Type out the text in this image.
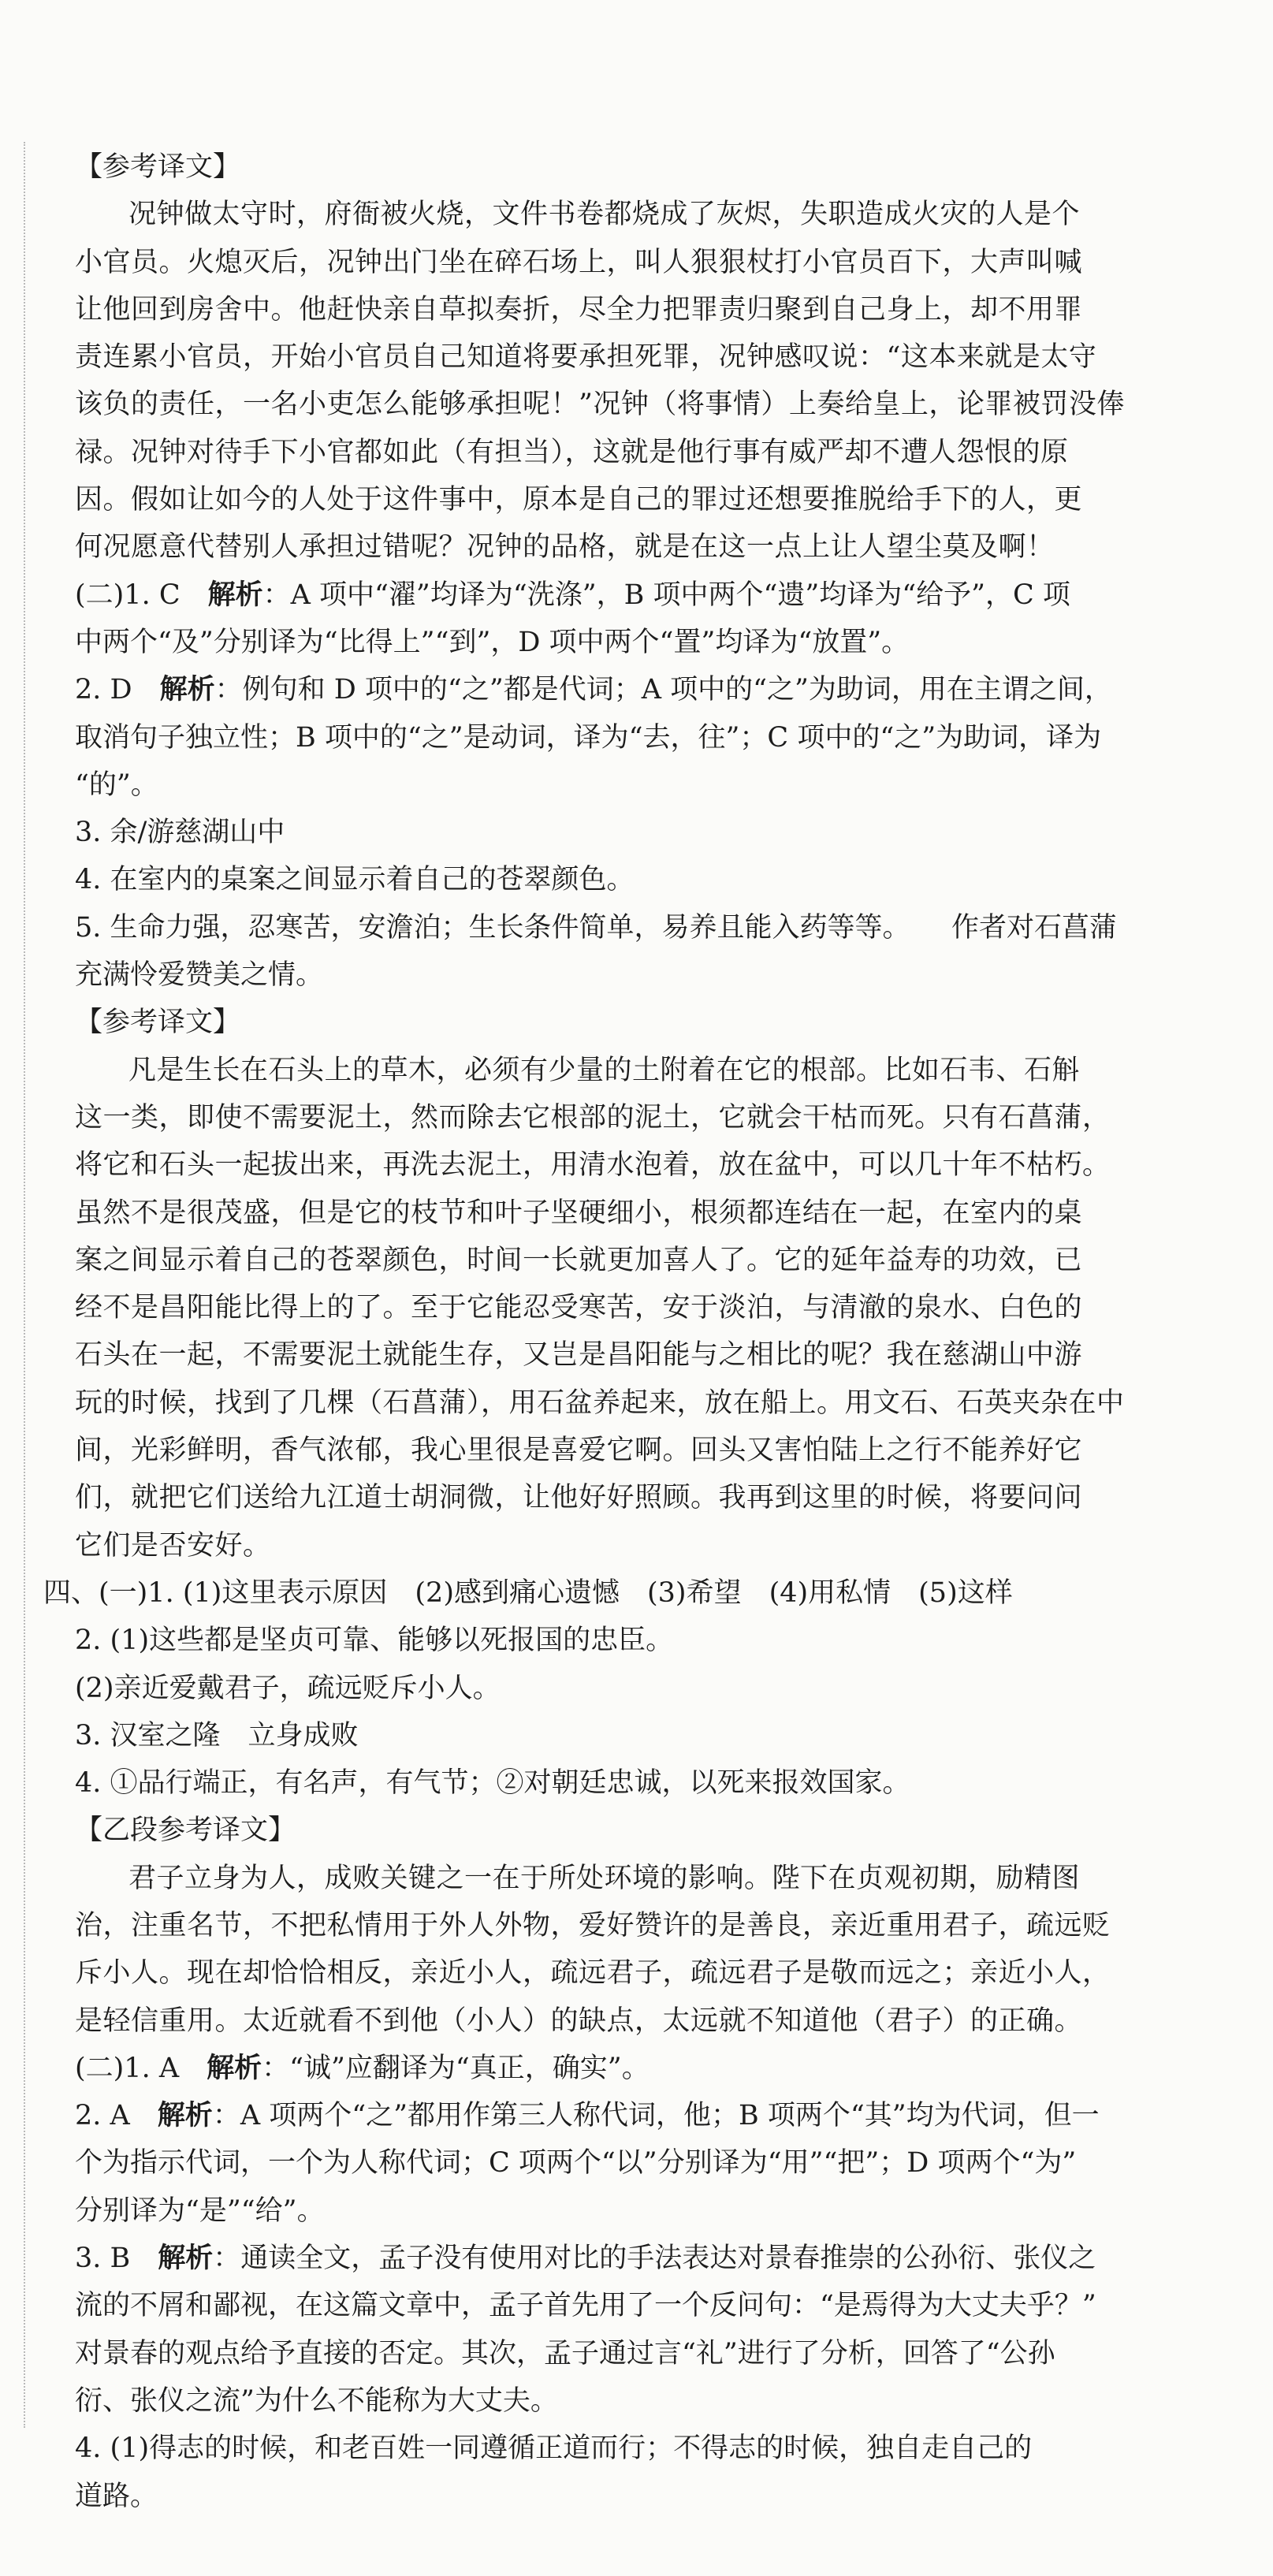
【参考译文】
况钟做太守时，府衙被火烧，文件书卷都烧成了灰烬，失职造成火灾的人是个
小官员。火熄灭后，况钟出门坐在碎石场上，叫人狠狠杖打小官员百下，大声叫喊
让他回到房舍中。他赶快亲自草拟奏折，尽全力把罪责归聚到自己身上，却不用罪
责连累小官员，开始小官员自己知道将要承担死罪，况钟感叹说：“这本来就是太守
该负的责任，一名小吏怎么能够承担呢！”况钟（将事情）上奏给皇上，论罪被罚没俸
禄。况钟对待手下小官都如此（有担当），这就是他行事有威严却不遭人怨恨的原
因。假如让如今的人处于这件事中，原本是自己的罪过还想要推脱给手下的人，更
何况愿意代替别人承担过错呢？况钟的品格，就是在这一点上让人望尘莫及啊！
(二)1. C　解析：A 项中“濯”均译为“洗涤”，B 项中两个“遗”均译为“给予”，C 项
中两个“及”分别译为“比得上”“到”，D 项中两个“置”均译为“放置”。
2. D　解析：例句和 D 项中的“之”都是代词；A 项中的“之”为助词，用在主谓之间，
取消句子独立性；B 项中的“之”是动词，译为“去，往”；C 项中的“之”为助词，译为
“的”。
3. 余/游慈湖山中
4. 在室内的桌案之间显示着自己的苍翠颜色。
5. 生命力强，忍寒苦，安澹泊；生长条件简单，易养且能入药等等。　　作者对石菖蒲
充满怜爱赞美之情。
【参考译文】
凡是生长在石头上的草木，必须有少量的土附着在它的根部。比如石韦、石斛
这一类，即使不需要泥土，然而除去它根部的泥土，它就会干枯而死。只有石菖蒲，
将它和石头一起拔出来，再洗去泥土，用清水泡着，放在盆中，可以几十年不枯朽。
虽然不是很茂盛，但是它的枝节和叶子坚硬细小，根须都连结在一起，在室内的桌
案之间显示着自己的苍翠颜色，时间一长就更加喜人了。它的延年益寿的功效，已
经不是昌阳能比得上的了。至于它能忍受寒苦，安于淡泊，与清澈的泉水、白色的
石头在一起，不需要泥土就能生存，又岂是昌阳能与之相比的呢？我在慈湖山中游
玩的时候，找到了几棵（石菖蒲），用石盆养起来，放在船上。用文石、石英夹杂在中
间，光彩鲜明，香气浓郁，我心里很是喜爱它啊。回头又害怕陆上之行不能养好它
们，就把它们送给九江道士胡洞微，让他好好照顾。我再到这里的时候，将要问问
它们是否安好。
四、(一)1. (1)这里表示原因　(2)感到痛心遗憾　(3)希望　(4)用私情　(5)这样
2. (1)这些都是坚贞可靠、能够以死报国的忠臣。
(2)亲近爱戴君子，疏远贬斥小人。
3. 汉室之隆　立身成败
4. ①品行端正，有名声，有气节；②对朝廷忠诚，以死来报效国家。
【乙段参考译文】
君子立身为人，成败关键之一在于所处环境的影响。陛下在贞观初期，励精图
治，注重名节，不把私情用于外人外物，爱好赞许的是善良，亲近重用君子，疏远贬
斥小人。现在却恰恰相反，亲近小人，疏远君子，疏远君子是敬而远之；亲近小人，
是轻信重用。太近就看不到他（小人）的缺点，太远就不知道他（君子）的正确。
(二)1. A　解析：“诚”应翻译为“真正，确实”。
2. A　解析：A 项两个“之”都用作第三人称代词，他；B 项两个“其”均为代词，但一
个为指示代词，一个为人称代词；C 项两个“以”分别译为“用”“把”；D 项两个“为”
分别译为“是”“给”。
3. B　解析：通读全文，孟子没有使用对比的手法表达对景春推崇的公孙衍、张仪之
流的不屑和鄙视，在这篇文章中，孟子首先用了一个反问句：“是焉得为大丈夫乎？”
对景春的观点给予直接的否定。其次，孟子通过言“礼”进行了分析，回答了“公孙
衍、张仪之流”为什么不能称为大丈夫。
4. (1)得志的时候，和老百姓一同遵循正道而行；不得志的时候，独自走自己的
道路。
